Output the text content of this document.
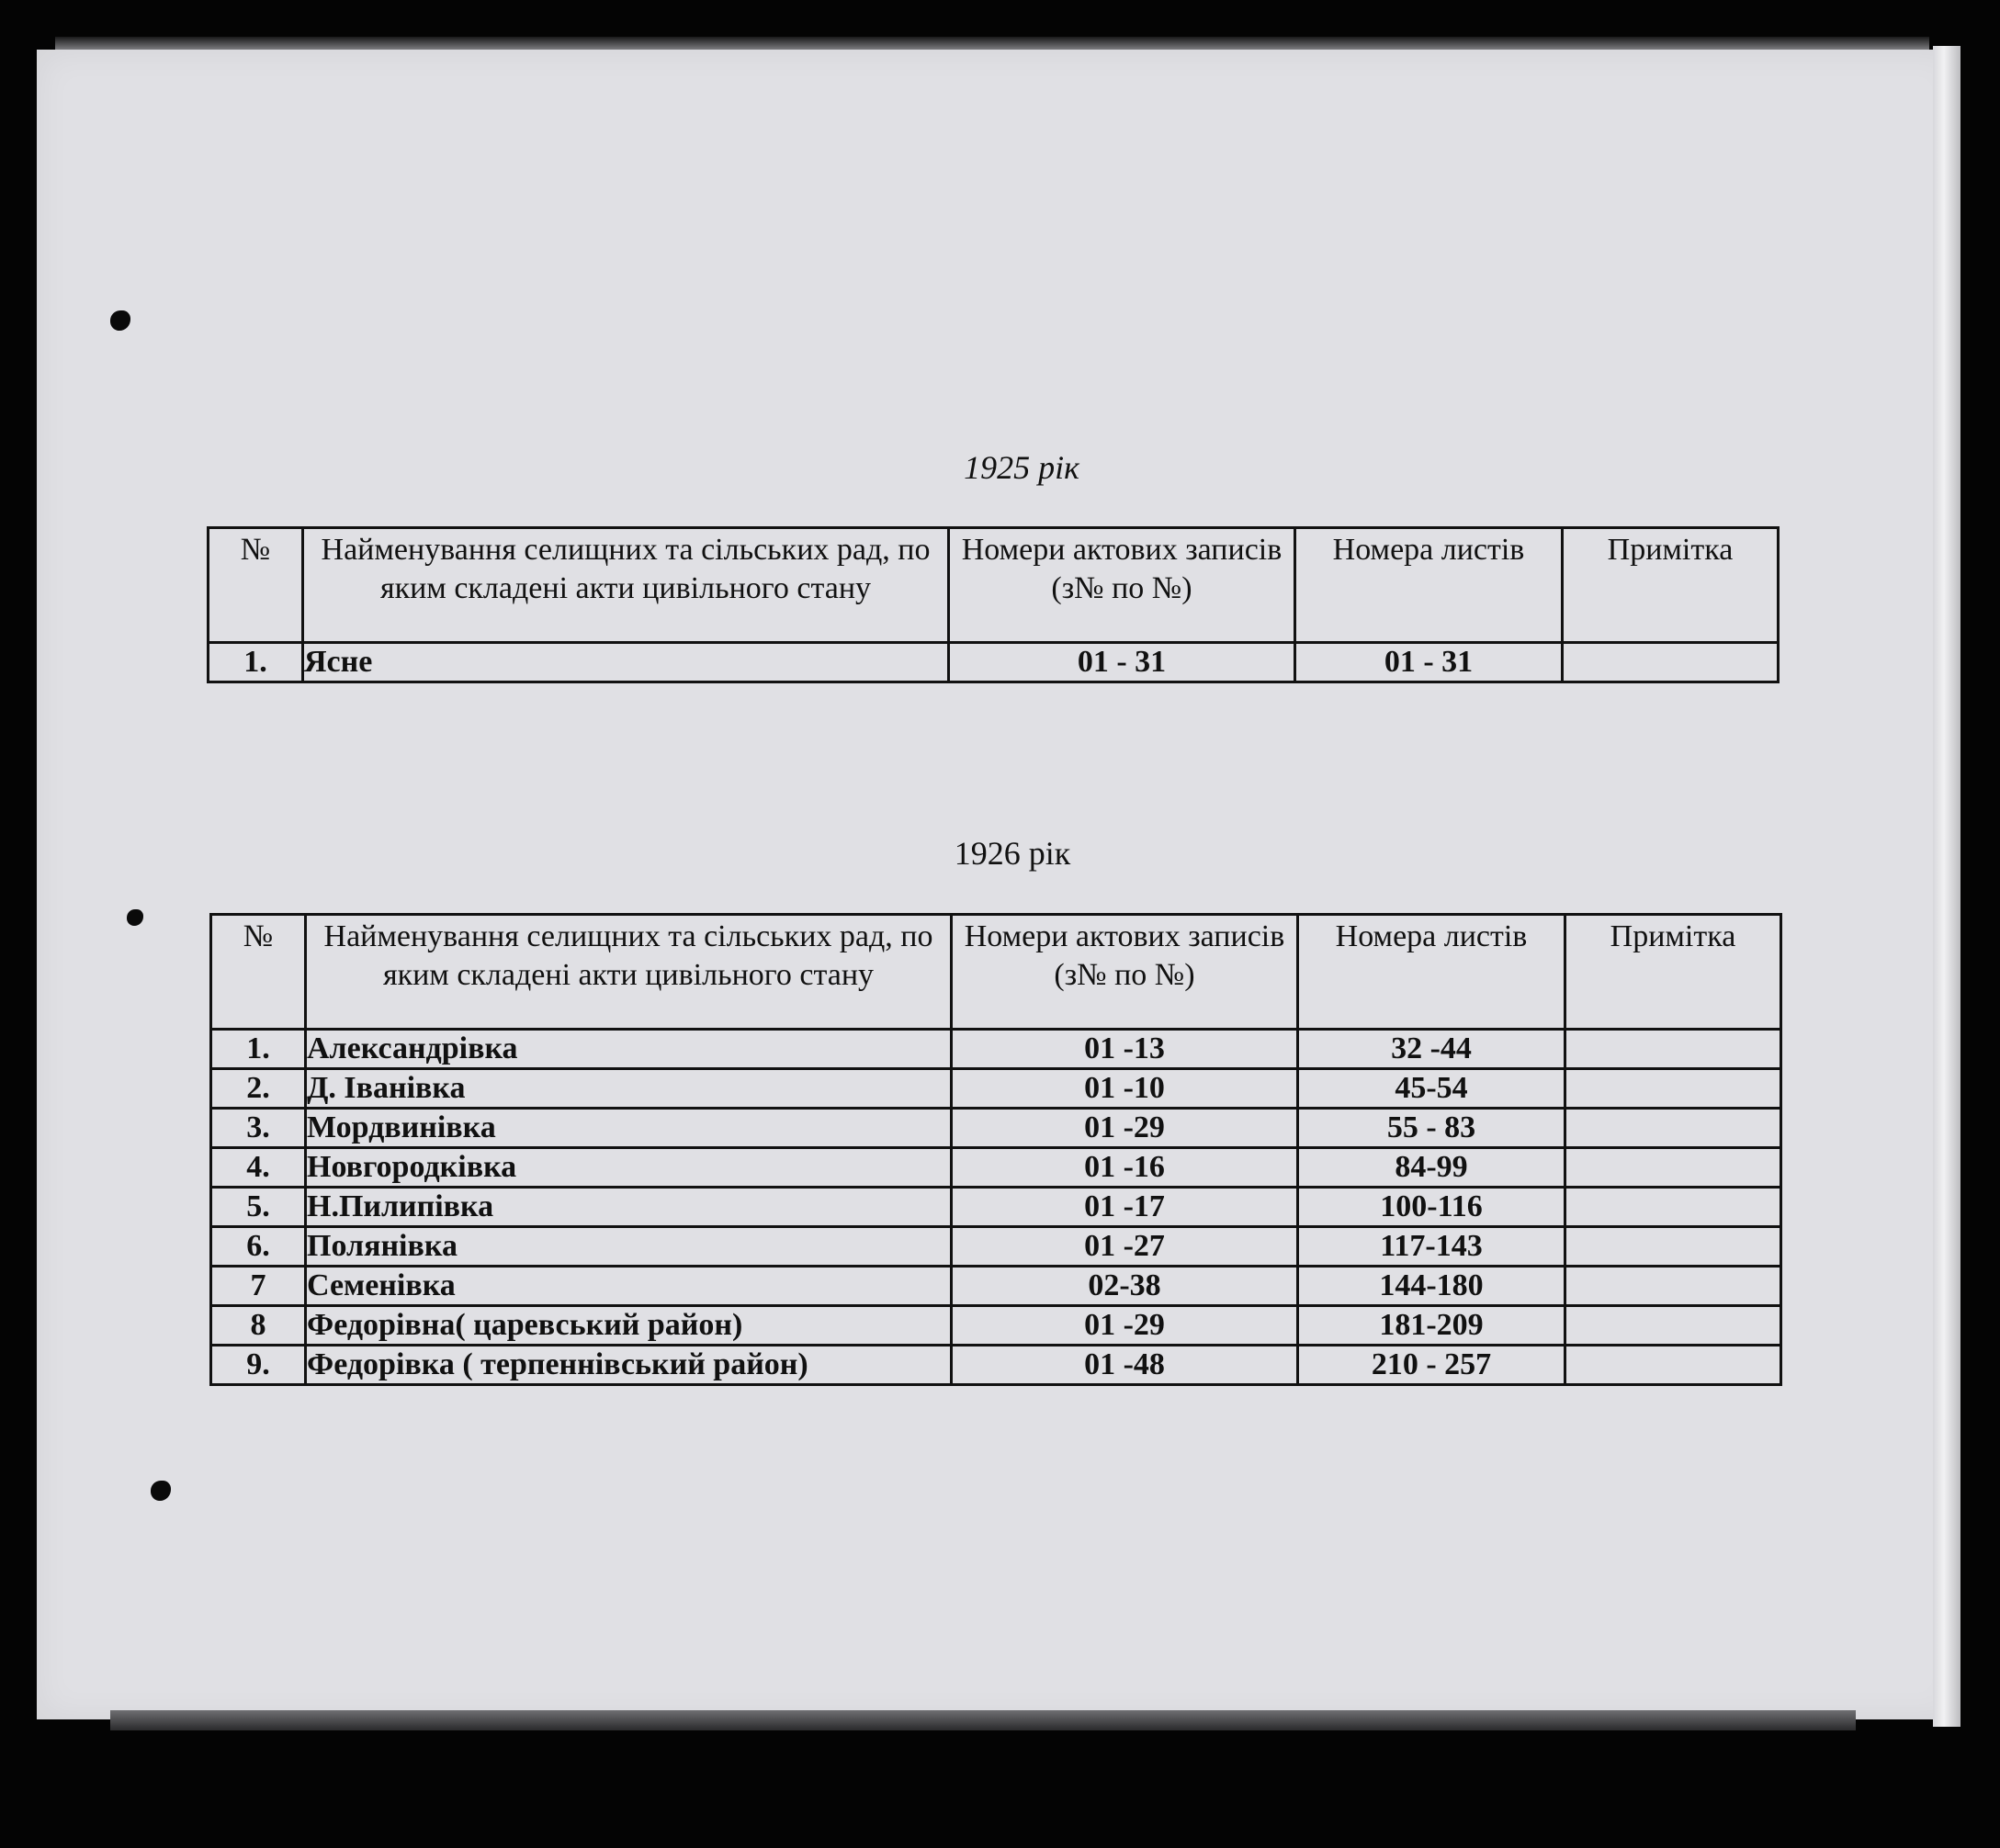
1925 рік
№	Найменування селищних та сільських рад, по яким складені акти цивільного стану	Номери актових записів (з№ по №)	Номера листів	Примітка
1.	Ясне	01 - 31	01 - 31	
1926 рік
№	Найменування селищних та сільських рад, по яким складені акти цивільного стану	Номери актових записів (з№ по №)	Номера листів	Примітка
1.	Александрівка	01 -13	32 -44	
2.	Д. Іванівка	01 -10	45-54	
3.	Мордвинівка	01 -29	55 - 83	
4.	Новгородківка	01 -16	84-99	
5.	Н.Пилипівка	01 -17	100-116	
6.	Полянівка	01 -27	117-143	
7	Семенівка	02-38	144-180	
8	Федорівна( царевський район)	01 -29	181-209	
9.	Федорівка ( терпеннівський район)	01 -48	210 - 257	
